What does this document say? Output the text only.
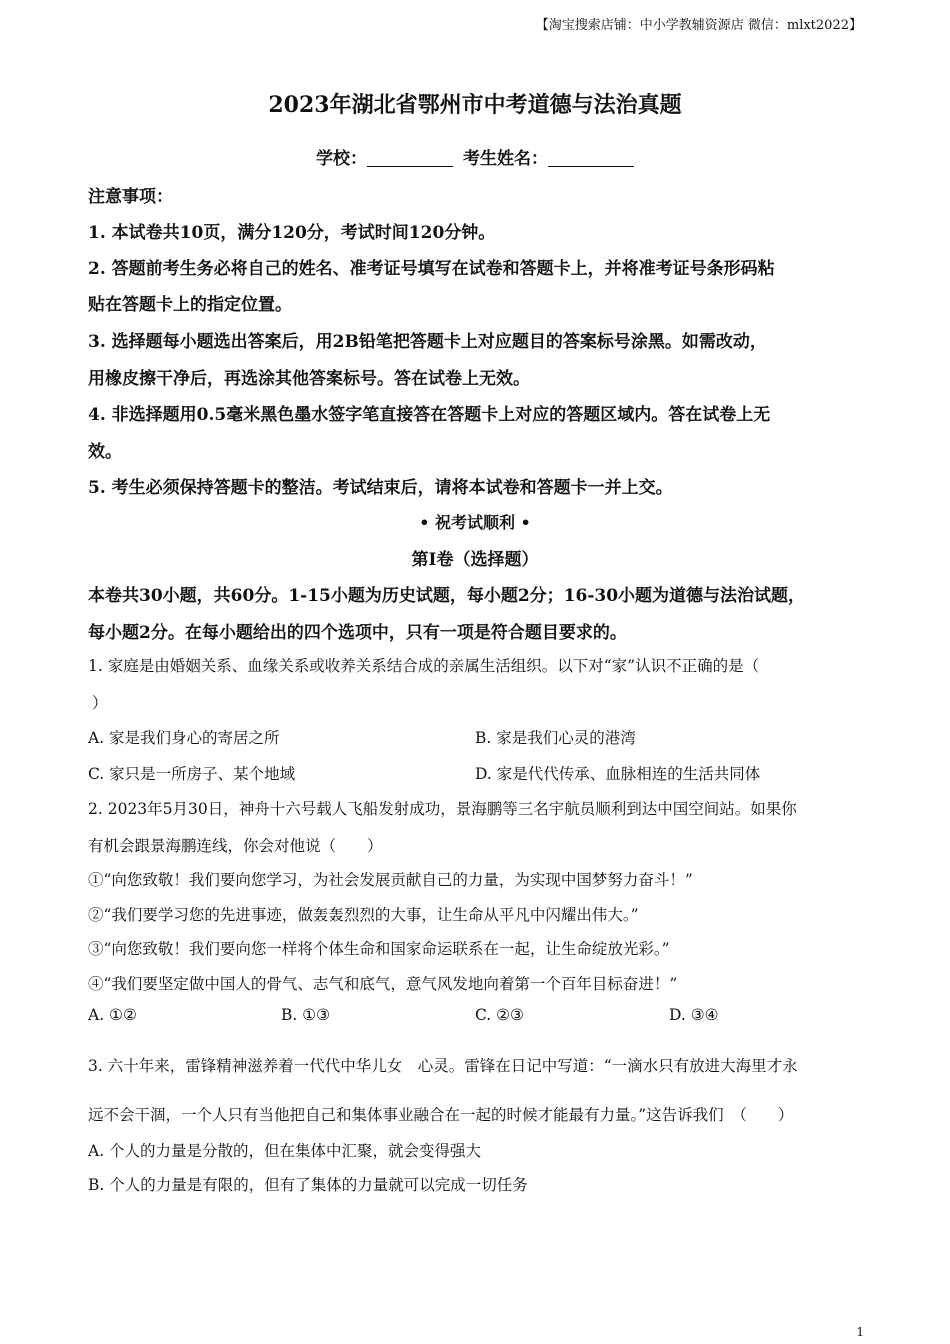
【淘宝搜索店铺：中小学教辅资源店 微信：mlxt2022】
2023年湖北省鄂州市中考道德与法治真题
学校：	考生姓名：
注意事项：
1. 本试卷共10页，满分120分，考试时间120分钟。
2. 答题前考生务必将自己的姓名、准考证号填写在试卷和答题卡上，并将准考证号条形码粘
贴在答题卡上的指定位置。
3. 选择题每小题选出答案后，用2B铅笔把答题卡上对应题目的答案标号涂黑。如需改动，
用橡皮擦干净后，再选涂其他答案标号。答在试卷上无效。
4. 非选择题用0.5毫米黑色墨水签字笔直接答在答题卡上对应的答题区域内。答在试卷上无
效。
5. 考生必须保持答题卡的整洁。考试结束后，请将本试卷和答题卡一并上交。
• 祝考试顺利 •
第Ⅰ卷（选择题）
本卷共30小题，共60分。1-15小题为历史试题，每小题2分；16-30小题为道德与法治试题，
每小题2分。在每小题给出的四个选项中，只有一项是符合题目要求的。
1. 家庭是由婚姻关系、血缘关系或收养关系结合成的亲属生活组织。以下对“家”认识不正确的是（
）
A. 家是我们身心的寄居之所	B. 家是我们心灵的港湾
C. 家只是一所房子、某个地域	D. 家是代代传承、血脉相连的生活共同体
2. 2023年5月30日，神舟十六号载人飞船发射成功，景海鹏等三名宇航员顺利到达中国空间站。如果你
有机会跟景海鹏连线，你会对他说（　　）
①“向您致敬！我们要向您学习，为社会发展贡献自己的力量，为实现中国梦努力奋斗！”
②“我们要学习您的先进事迹，做轰轰烈烈的大事，让生命从平凡中闪耀出伟大。”
③“向您致敬！我们要向您一样将个体生命和国家命运联系在一起，让生命绽放光彩。”
④“我们要坚定做中国人的骨气、志气和底气，意气风发地向着第一个百年目标奋进！”
A. ①②	B. ①③	C. ②③	D. ③④
3. 六十年来，雷锋精神滋养着一代代中华儿女　心灵。雷锋在日记中写道：“一滴水只有放进大海里才永
远不会干涸，一个人只有当他把自己和集体事业融合在一起的时候才能最有力量。”这告诉我们　（　　）
A. 个人的力量是分散的，但在集体中汇聚，就会变得强大
B. 个人的力量是有限的，但有了集体的力量就可以完成一切任务
1
